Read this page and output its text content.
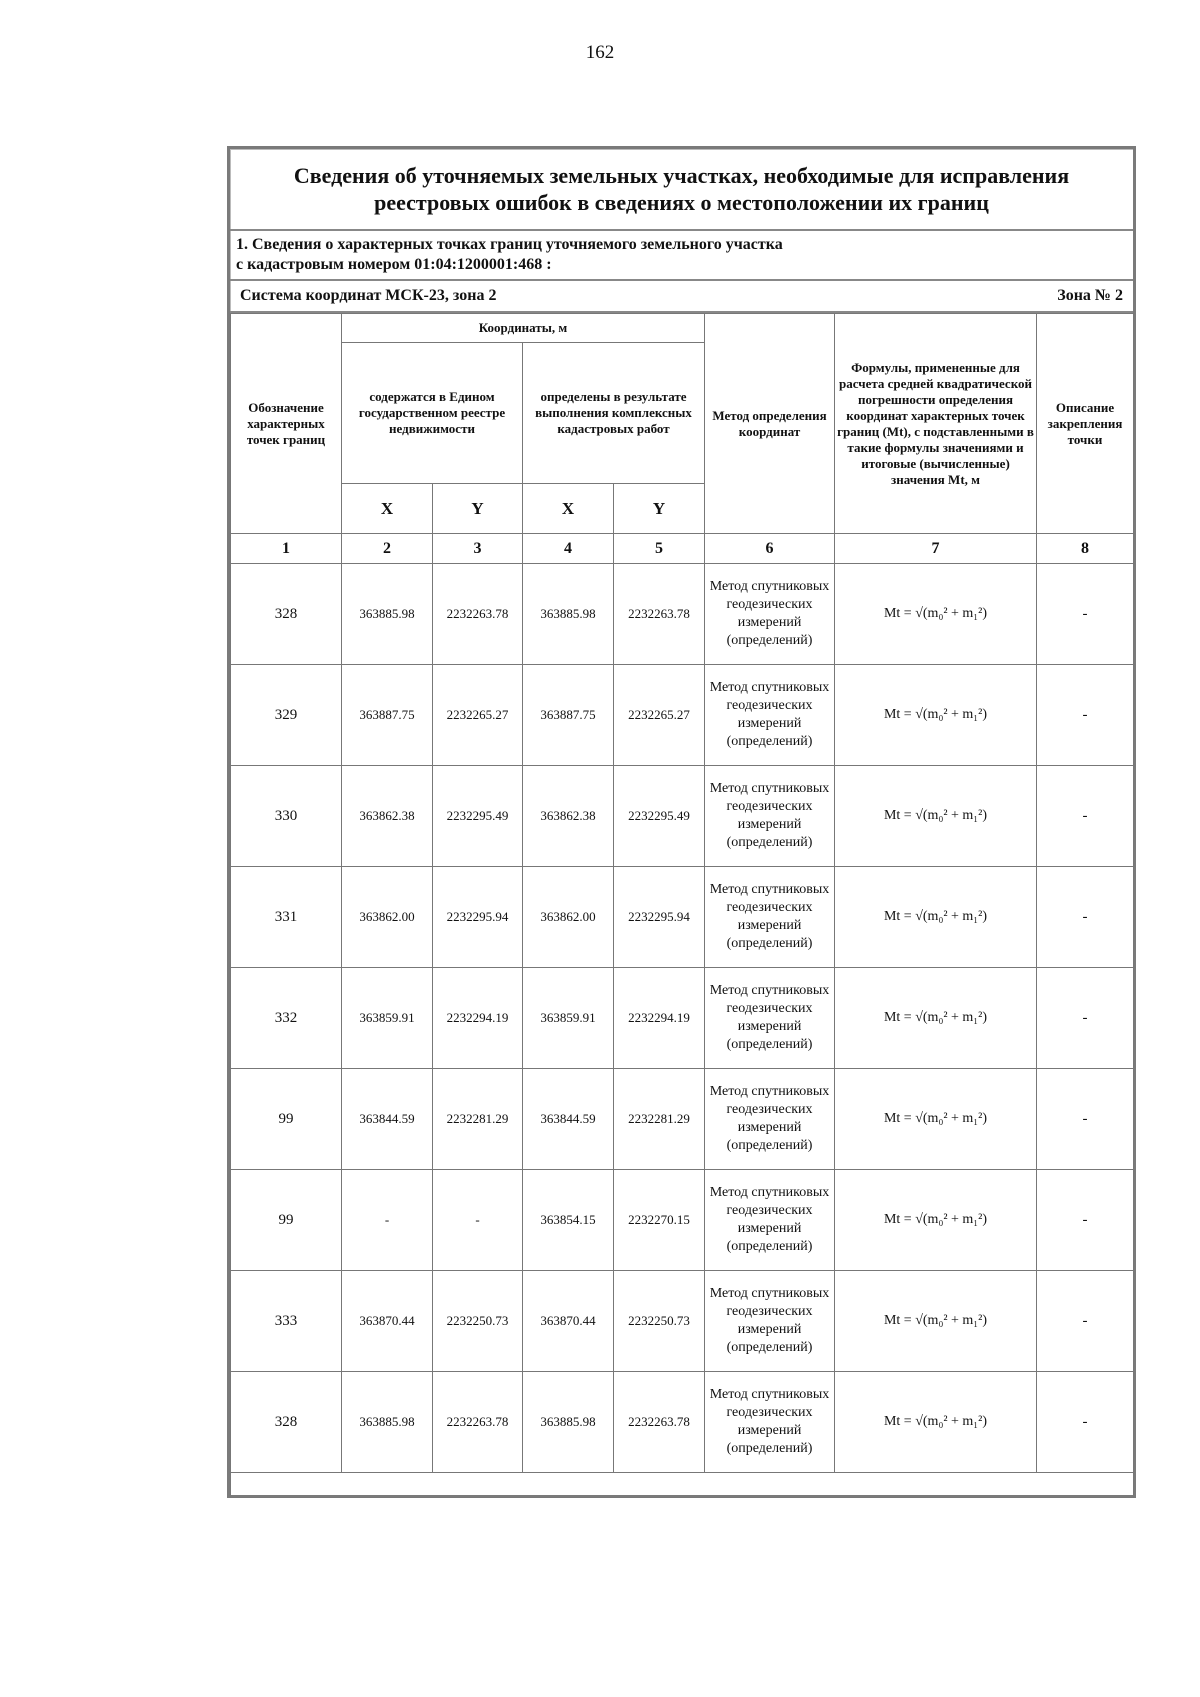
162
Сведения об уточняемых земельных участках, необходимые для исправления реестровых ошибок в сведениях о местоположении их границ
1. Сведения о характерных точках границ уточняемого земельного участка
с кадастровым номером 01:04:1200001:468 :
Система координат МСК-23, зона 2	Зона № 2
Обозначение характерных точек границ	Координаты, м				Метод определения координат	Формулы, примененные для расчета средней квадратической погрешности определения координат характерных точек границ (Mt), с подставленными в такие формулы значениями и итоговые (вычисленные) значения Mt, м	Описание закрепления точки
	содержатся в Едином государственном реестре недвижимости		определены в результате выполнения комплексных кадастровых работ				
	X	Y	X	Y			
1	2	3	4	5	6	7	8
328	363885.98	2232263.78	363885.98	2232263.78	Метод спутниковых геодезических измерений (определений)	Mt = √(m₀² + m₁²)	-
329	363887.75	2232265.27	363887.75	2232265.27	Метод спутниковых геодезических измерений (определений)	Mt = √(m₀² + m₁²)	-
330	363862.38	2232295.49	363862.38	2232295.49	Метод спутниковых геодезических измерений (определений)	Mt = √(m₀² + m₁²)	-
331	363862.00	2232295.94	363862.00	2232295.94	Метод спутниковых геодезических измерений (определений)	Mt = √(m₀² + m₁²)	-
332	363859.91	2232294.19	363859.91	2232294.19	Метод спутниковых геодезических измерений (определений)	Mt = √(m₀² + m₁²)	-
99	363844.59	2232281.29	363844.59	2232281.29	Метод спутниковых геодезических измерений (определений)	Mt = √(m₀² + m₁²)	-
99	-	-	363854.15	2232270.15	Метод спутниковых геодезических измерений (определений)	Mt = √(m₀² + m₁²)	-
333	363870.44	2232250.73	363870.44	2232250.73	Метод спутниковых геодезических измерений (определений)	Mt = √(m₀² + m₁²)	-
328	363885.98	2232263.78	363885.98	2232263.78	Метод спутниковых геодезических измерений (определений)	Mt = √(m₀² + m₁²)	-
